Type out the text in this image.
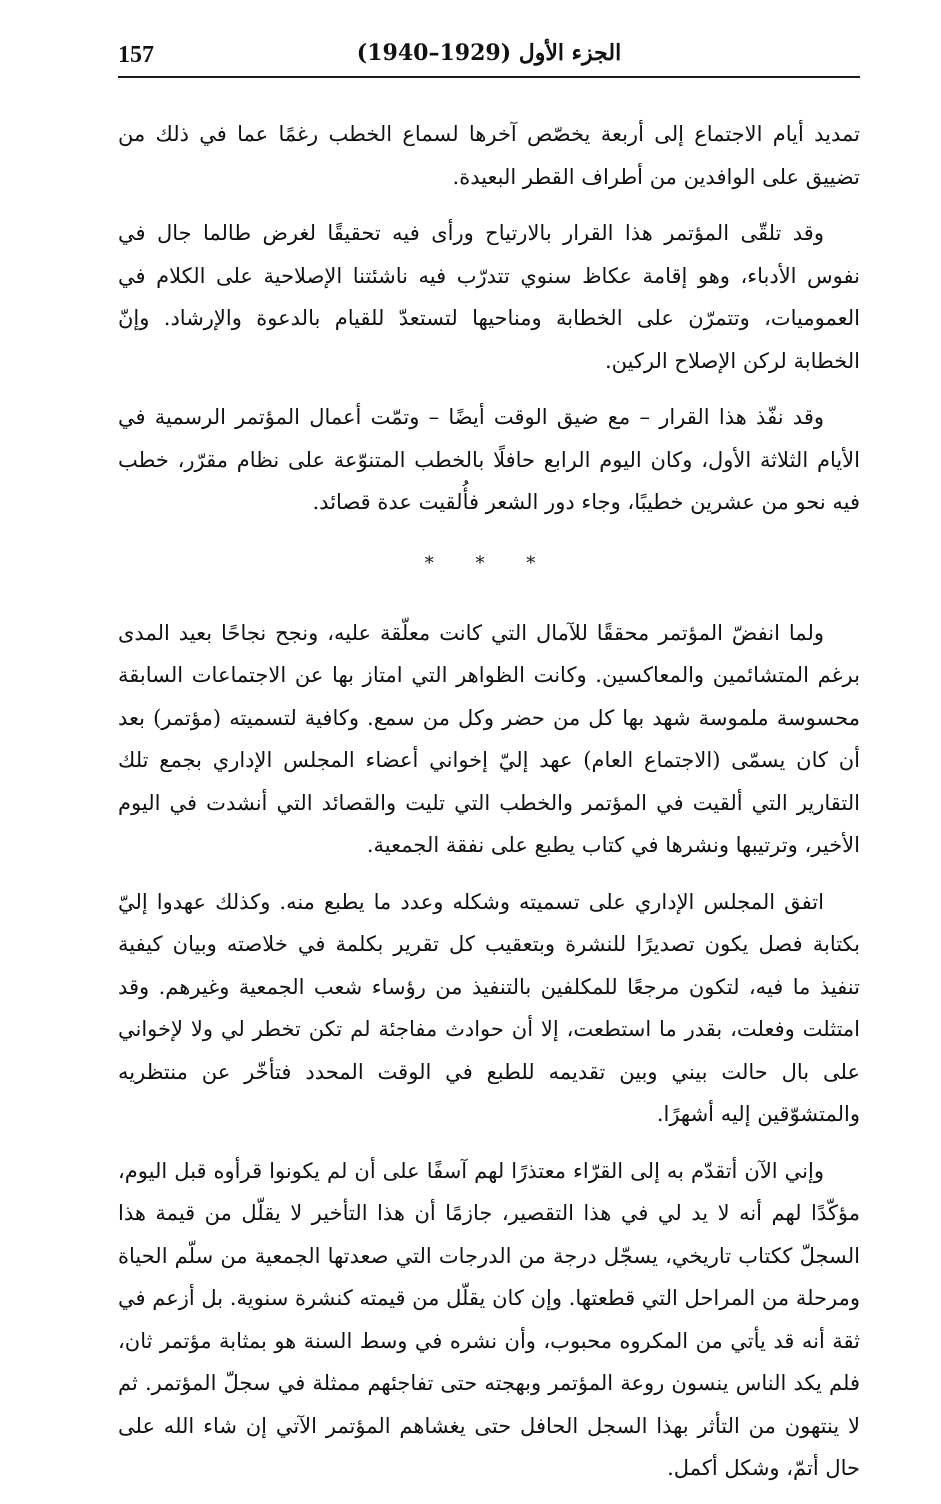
157	الجزء الأول (1929–1940)

تمديد أيام الاجتماع إلى أربعة يخصّص آخرها لسماع الخطب رغمًا عما في ذلك من تضييق على الوافدين من أطراف القطر البعيدة.

وقد تلقّى المؤتمر هذا القرار بالارتياح ورأى فيه تحقيقًا لغرض طالما جال في نفوس الأدباء، وهو إقامة عكاظ سنوي تتدرّب فيه ناشئتنا الإصلاحية على الكلام في العموميات، وتتمرّن على الخطابة ومناحيها لتستعدّ للقيام بالدعوة والإرشاد. وإنّ الخطابة لركن الإصلاح الركين.

وقد نفّذ هذا القرار – مع ضيق الوقت أيضًا – وتمّت أعمال المؤتمر الرسمية في الأيام الثلاثة الأول، وكان اليوم الرابع حافلًا بالخطب المتنوّعة على نظام مقرّر، خطب فيه نحو من عشرين خطيبًا، وجاء دور الشعر فأُلقيت عدة قصائد.

* * *

ولما انفضّ المؤتمر محققًا للآمال التي كانت معلّقة عليه، ونجح نجاحًا بعيد المدى برغم المتشائمين والمعاكسين. وكانت الظواهر التي امتاز بها عن الاجتماعات السابقة محسوسة ملموسة شهد بها كل من حضر وكل من سمع. وكافية لتسميته (مؤتمر) بعد أن كان يسمّى (الاجتماع العام) عهد إليّ إخواني أعضاء المجلس الإداري بجمع تلك التقارير التي ألقيت في المؤتمر والخطب التي تليت والقصائد التي أنشدت في اليوم الأخير، وترتيبها ونشرها في كتاب يطبع على نفقة الجمعية.

اتفق المجلس الإداري على تسميته وشكله وعدد ما يطبع منه. وكذلك عهدوا إليّ بكتابة فصل يكون تصديرًا للنشرة وبتعقيب كل تقرير بكلمة في خلاصته وبيان كيفية تنفيذ ما فيه، لتكون مرجعًا للمكلفين بالتنفيذ من رؤساء شعب الجمعية وغيرهم. وقد امتثلت وفعلت، بقدر ما استطعت، إلا أن حوادث مفاجئة لم تكن تخطر لي ولا لإخواني على بال حالت بيني وبين تقديمه للطبع في الوقت المحدد فتأخّر عن منتظريه والمتشوّقين إليه أشهرًا.

وإني الآن أتقدّم به إلى القرّاء معتذرًا لهم آسفًا على أن لم يكونوا قرأوه قبل اليوم، مؤكّدًا لهم أنه لا يد لي في هذا التقصير، جازمًا أن هذا التأخير لا يقلّل من قيمة هذا السجلّ ككتاب تاريخي، يسجّل درجة من الدرجات التي صعدتها الجمعية من سلّم الحياة ومرحلة من المراحل التي قطعتها. وإن كان يقلّل من قيمته كنشرة سنوية. بل أزعم في ثقة أنه قد يأتي من المكروه محبوب، وأن نشره في وسط السنة هو بمثابة مؤتمر ثان، فلم يكد الناس ينسون روعة المؤتمر وبهجته حتى تفاجئهم ممثلة في سجلّ المؤتمر. ثم لا ينتهون من التأثر بهذا السجل الحافل حتى يغشاهم المؤتمر الآتي إن شاء الله على حال أتمّ، وشكل أكمل.
